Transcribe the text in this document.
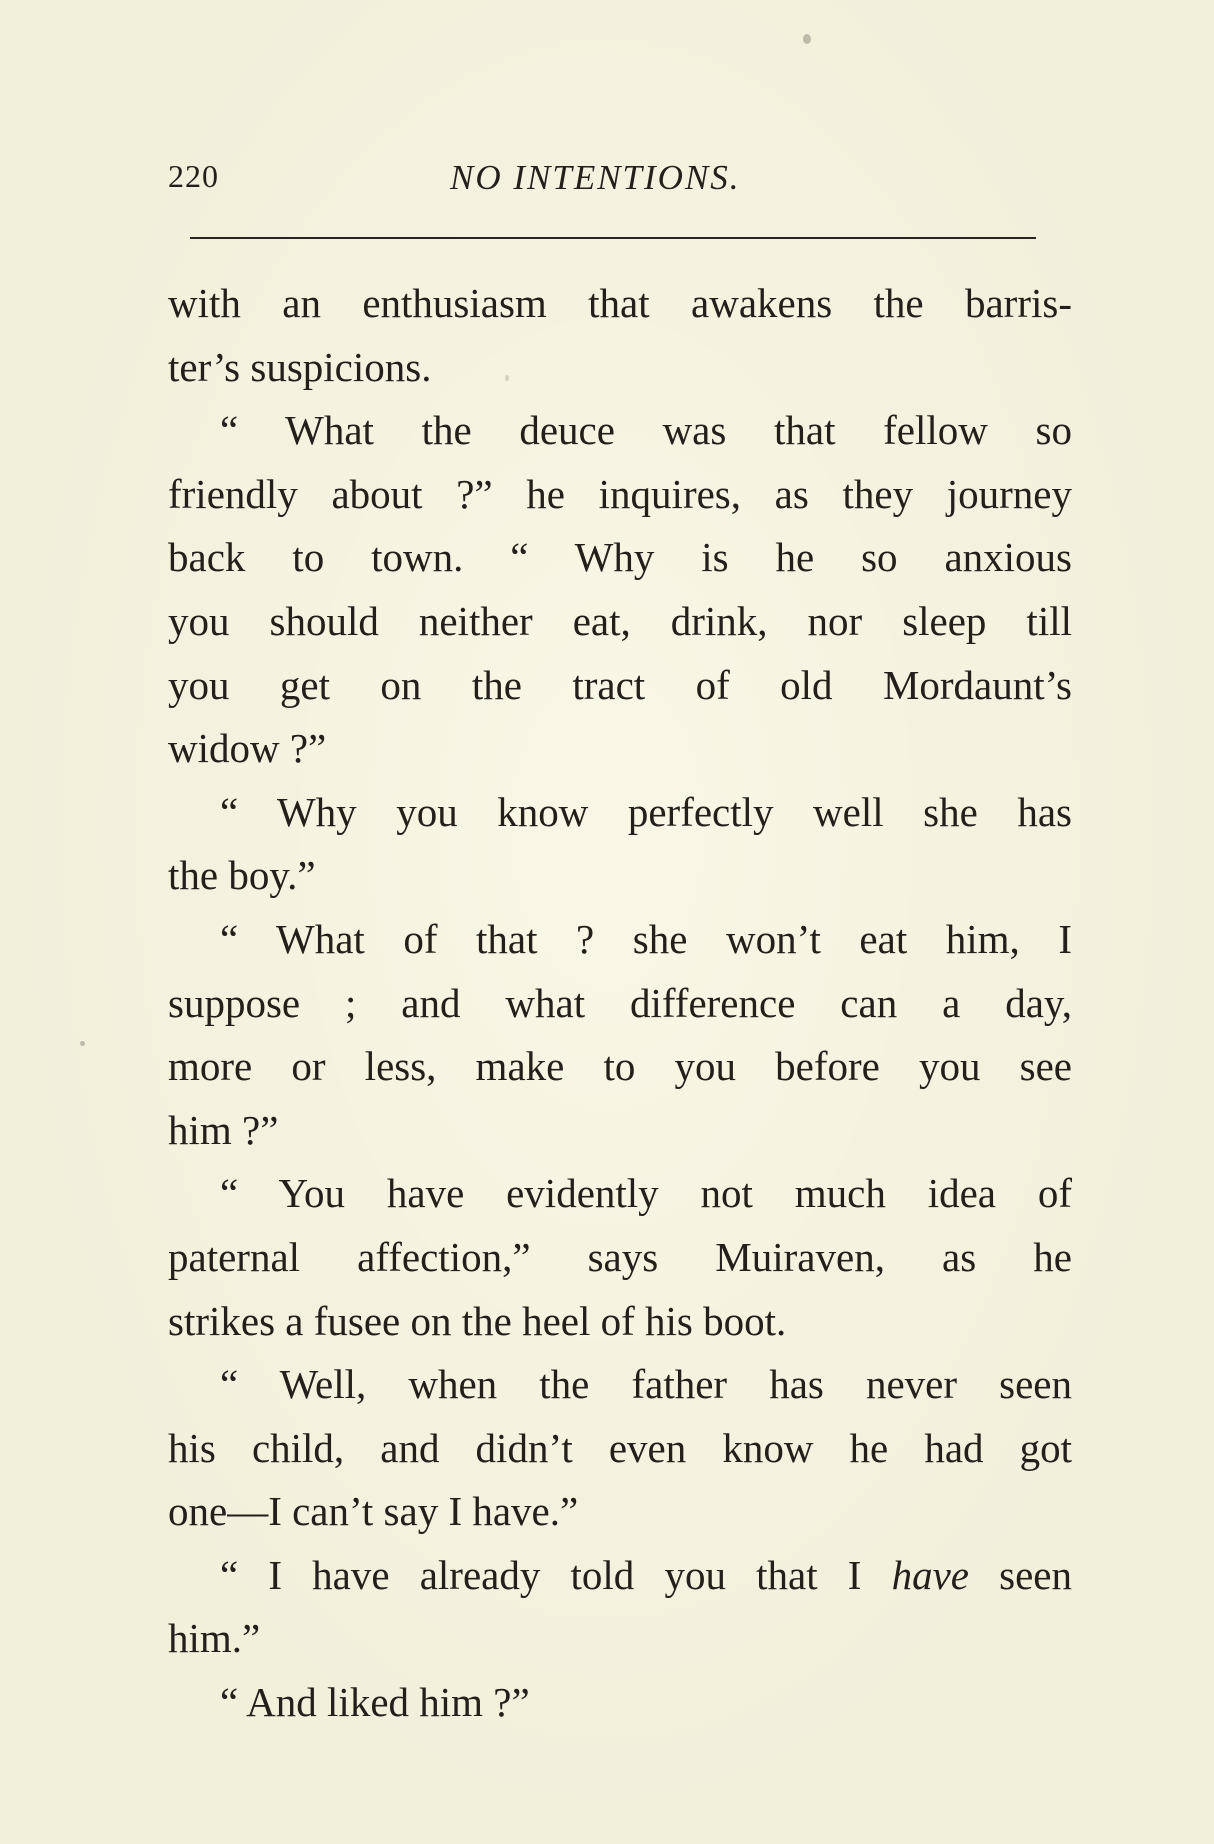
220	NO INTENTIONS.
with an enthusiasm that awakens the barris-
ter’s suspicions.
“ What the deuce was that fellow so
friendly about ?” he inquires, as they journey
back to town. “ Why is he so anxious
you should neither eat, drink, nor sleep till
you get on the tract of old Mordaunt’s
widow ?”
“ Why you know perfectly well she has
the boy.”
“ What of that ? she won’t eat him, I
suppose ; and what difference can a day,
more or less, make to you before you see
him ?”
“ You have evidently not much idea of
paternal affection,” says Muiraven, as he
strikes a fusee on the heel of his boot.
“ Well, when the father has never seen
his child, and didn’t even know he had got
one—I can’t say I have.”
“ I have already told you that I have seen
him.”
“ And liked him ?”
